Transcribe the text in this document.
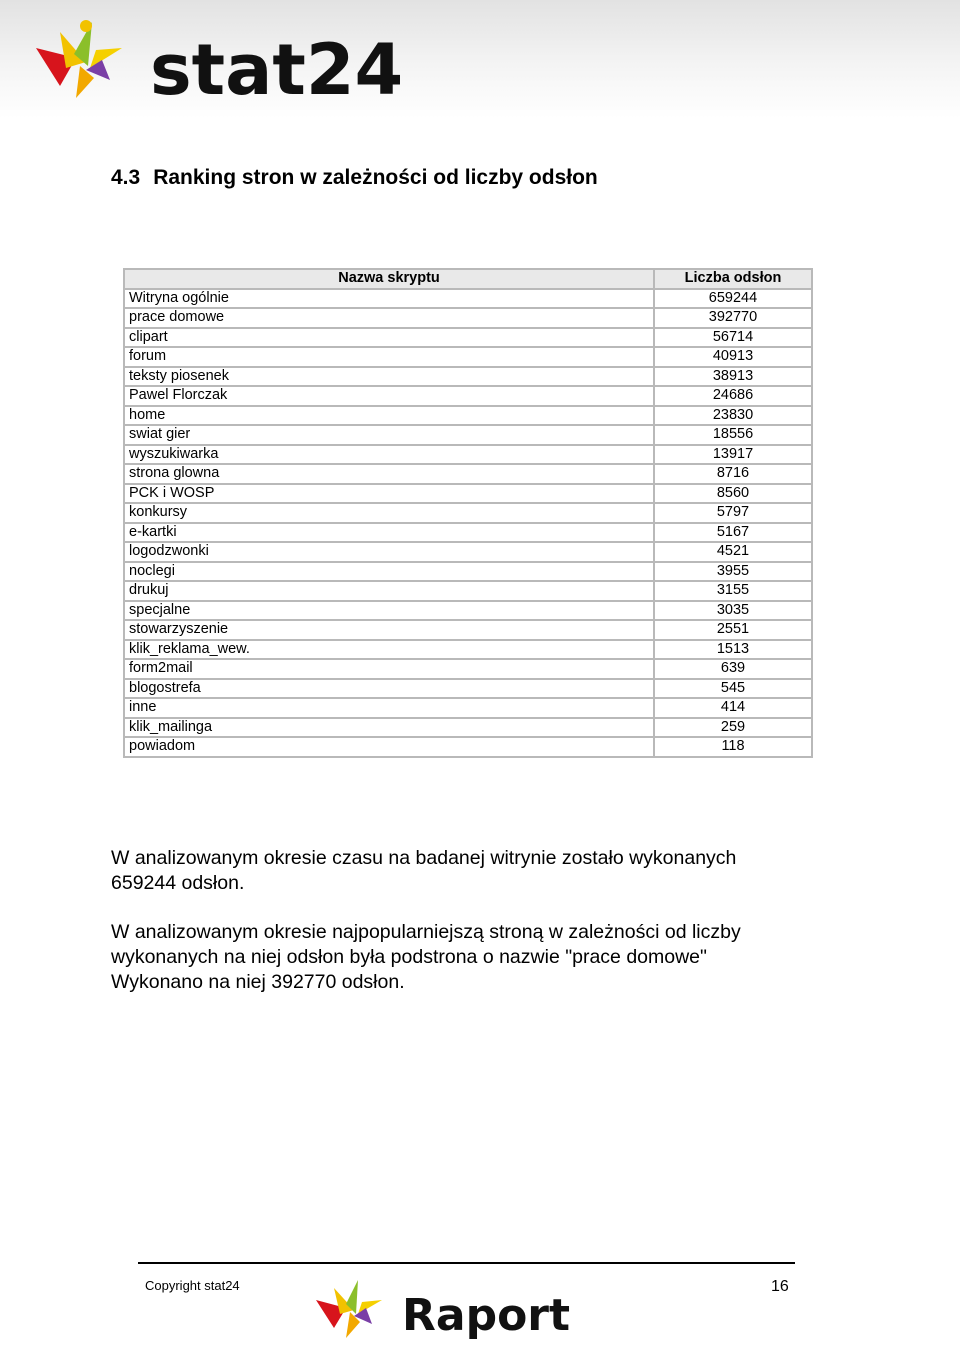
stat24
4.3 Ranking stron w zależności od liczby odsłon
Nazwa skryptu	Liczba odsłon
Witryna ogólnie	659244
prace domowe	392770
clipart	56714
forum	40913
teksty piosenek	38913
Pawel Florczak	24686
home	23830
swiat gier	18556
wyszukiwarka	13917
strona glowna	8716
PCK i WOSP	8560
konkursy	5797
e-kartki	5167
logodzwonki	4521
noclegi	3955
drukuj	3155
specjalne	3035
stowarzyszenie	2551
klik_reklama_wew.	1513
form2mail	639
blogostrefa	545
inne	414
klik_mailinga	259
powiadom	118

W analizowanym okresie czasu na badanej witrynie zostało wykonanych
659244 odsłon.

W analizowanym okresie najpopularniejszą stroną w zależności od liczby
wykonanych na niej odsłon była podstrona o nazwie "prace domowe"
Wykonano na niej 392770 odsłon.

Copyright stat24
Raport
16
